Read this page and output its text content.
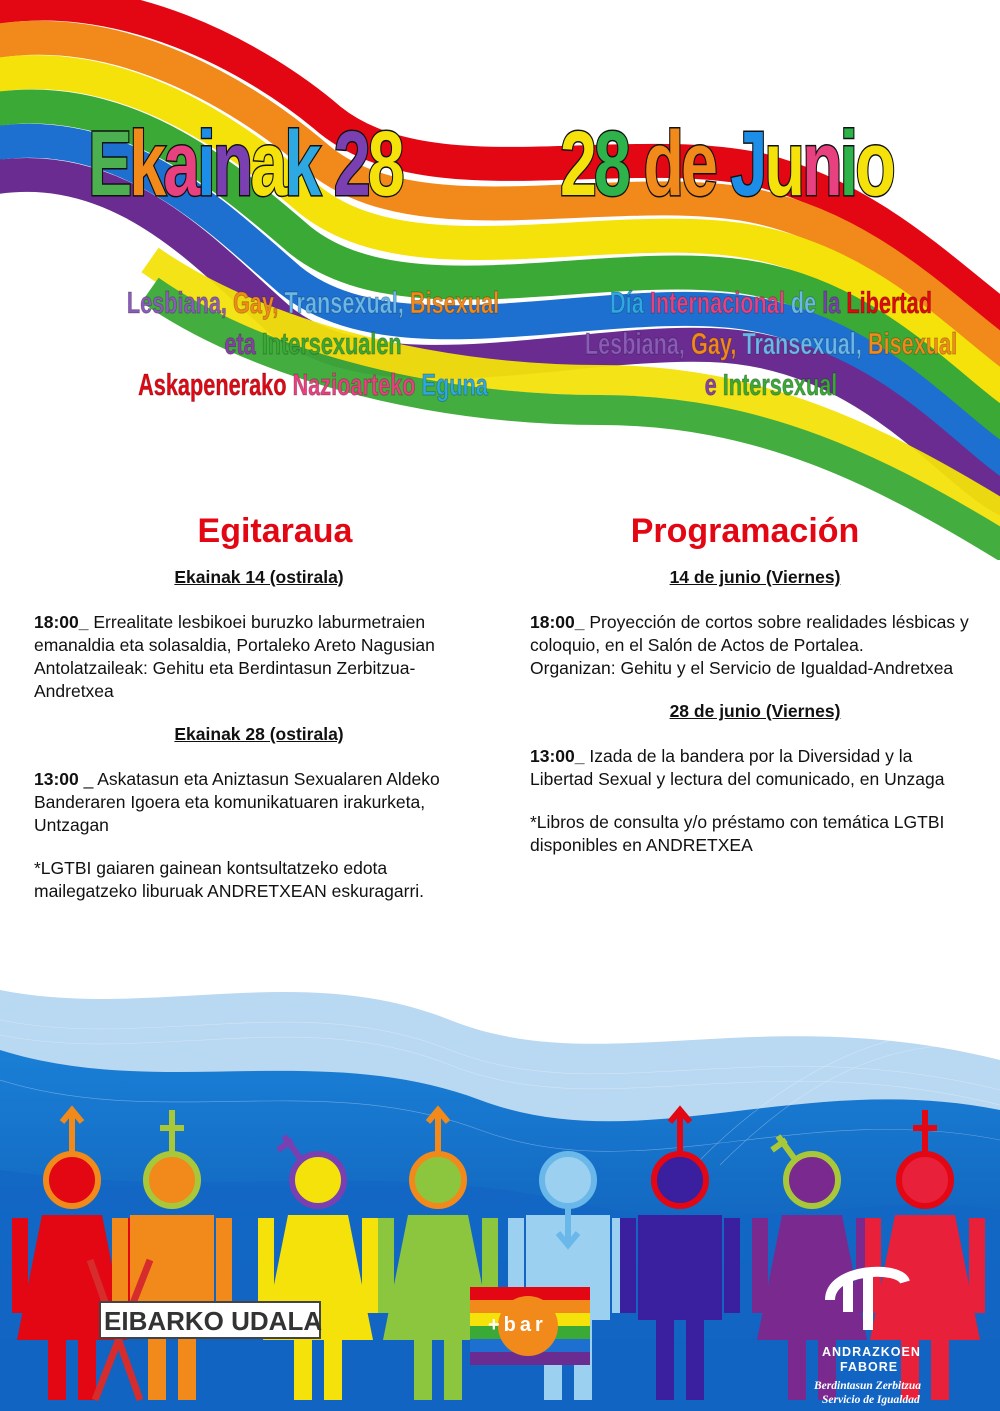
Ekainak 28 28 de Junio
Lesbiana, Gay, Transexual, Bisexual
eta Intersexualen
Askapenerako Nazioarteko Eguna
Día Internacional de la Libertad
Lesbiana, Gay, Transexual, Bisexual
e Intersexual
Egitaraua	Programación
Ekainak 14 (ostirala)
18:00_ Errealitate lesbikoei buruzko laburmetraien emanaldia eta solasaldia, Portaleko Areto Nagusian
Antolatzaileak: Gehitu eta Berdintasun Zerbitzua-Andretxea
Ekainak 28 (ostirala)
13:00 _ Askatasun eta Aniztasun Sexualaren Aldeko Banderaren Igoera eta komunikatuaren irakurketa, Untzagan
*LGTBI gaiaren gainean kontsultatzeko edota mailegatzeko liburuak ANDRETXEAN eskuragarri.
14 de junio (Viernes)
18:00_ Proyección de cortos sobre realidades lésbicas y coloquio, en el Salón de Actos de Portalea.
Organizan: Gehitu y el Servicio de Igualdad-Andretxea
28 de junio (Viernes)
13:00_ Izada de la bandera por la Diversidad y la Libertad Sexual y lectura del comunicado, en Unzaga
*Libros de consulta y/o préstamo con temática LGTBI disponibles en ANDRETXEA
EIBARKO UDALA	+bar
ANDRAZKOEN
FABORE
Berdintasun Zerbitzua
Servicio de Igualdad
